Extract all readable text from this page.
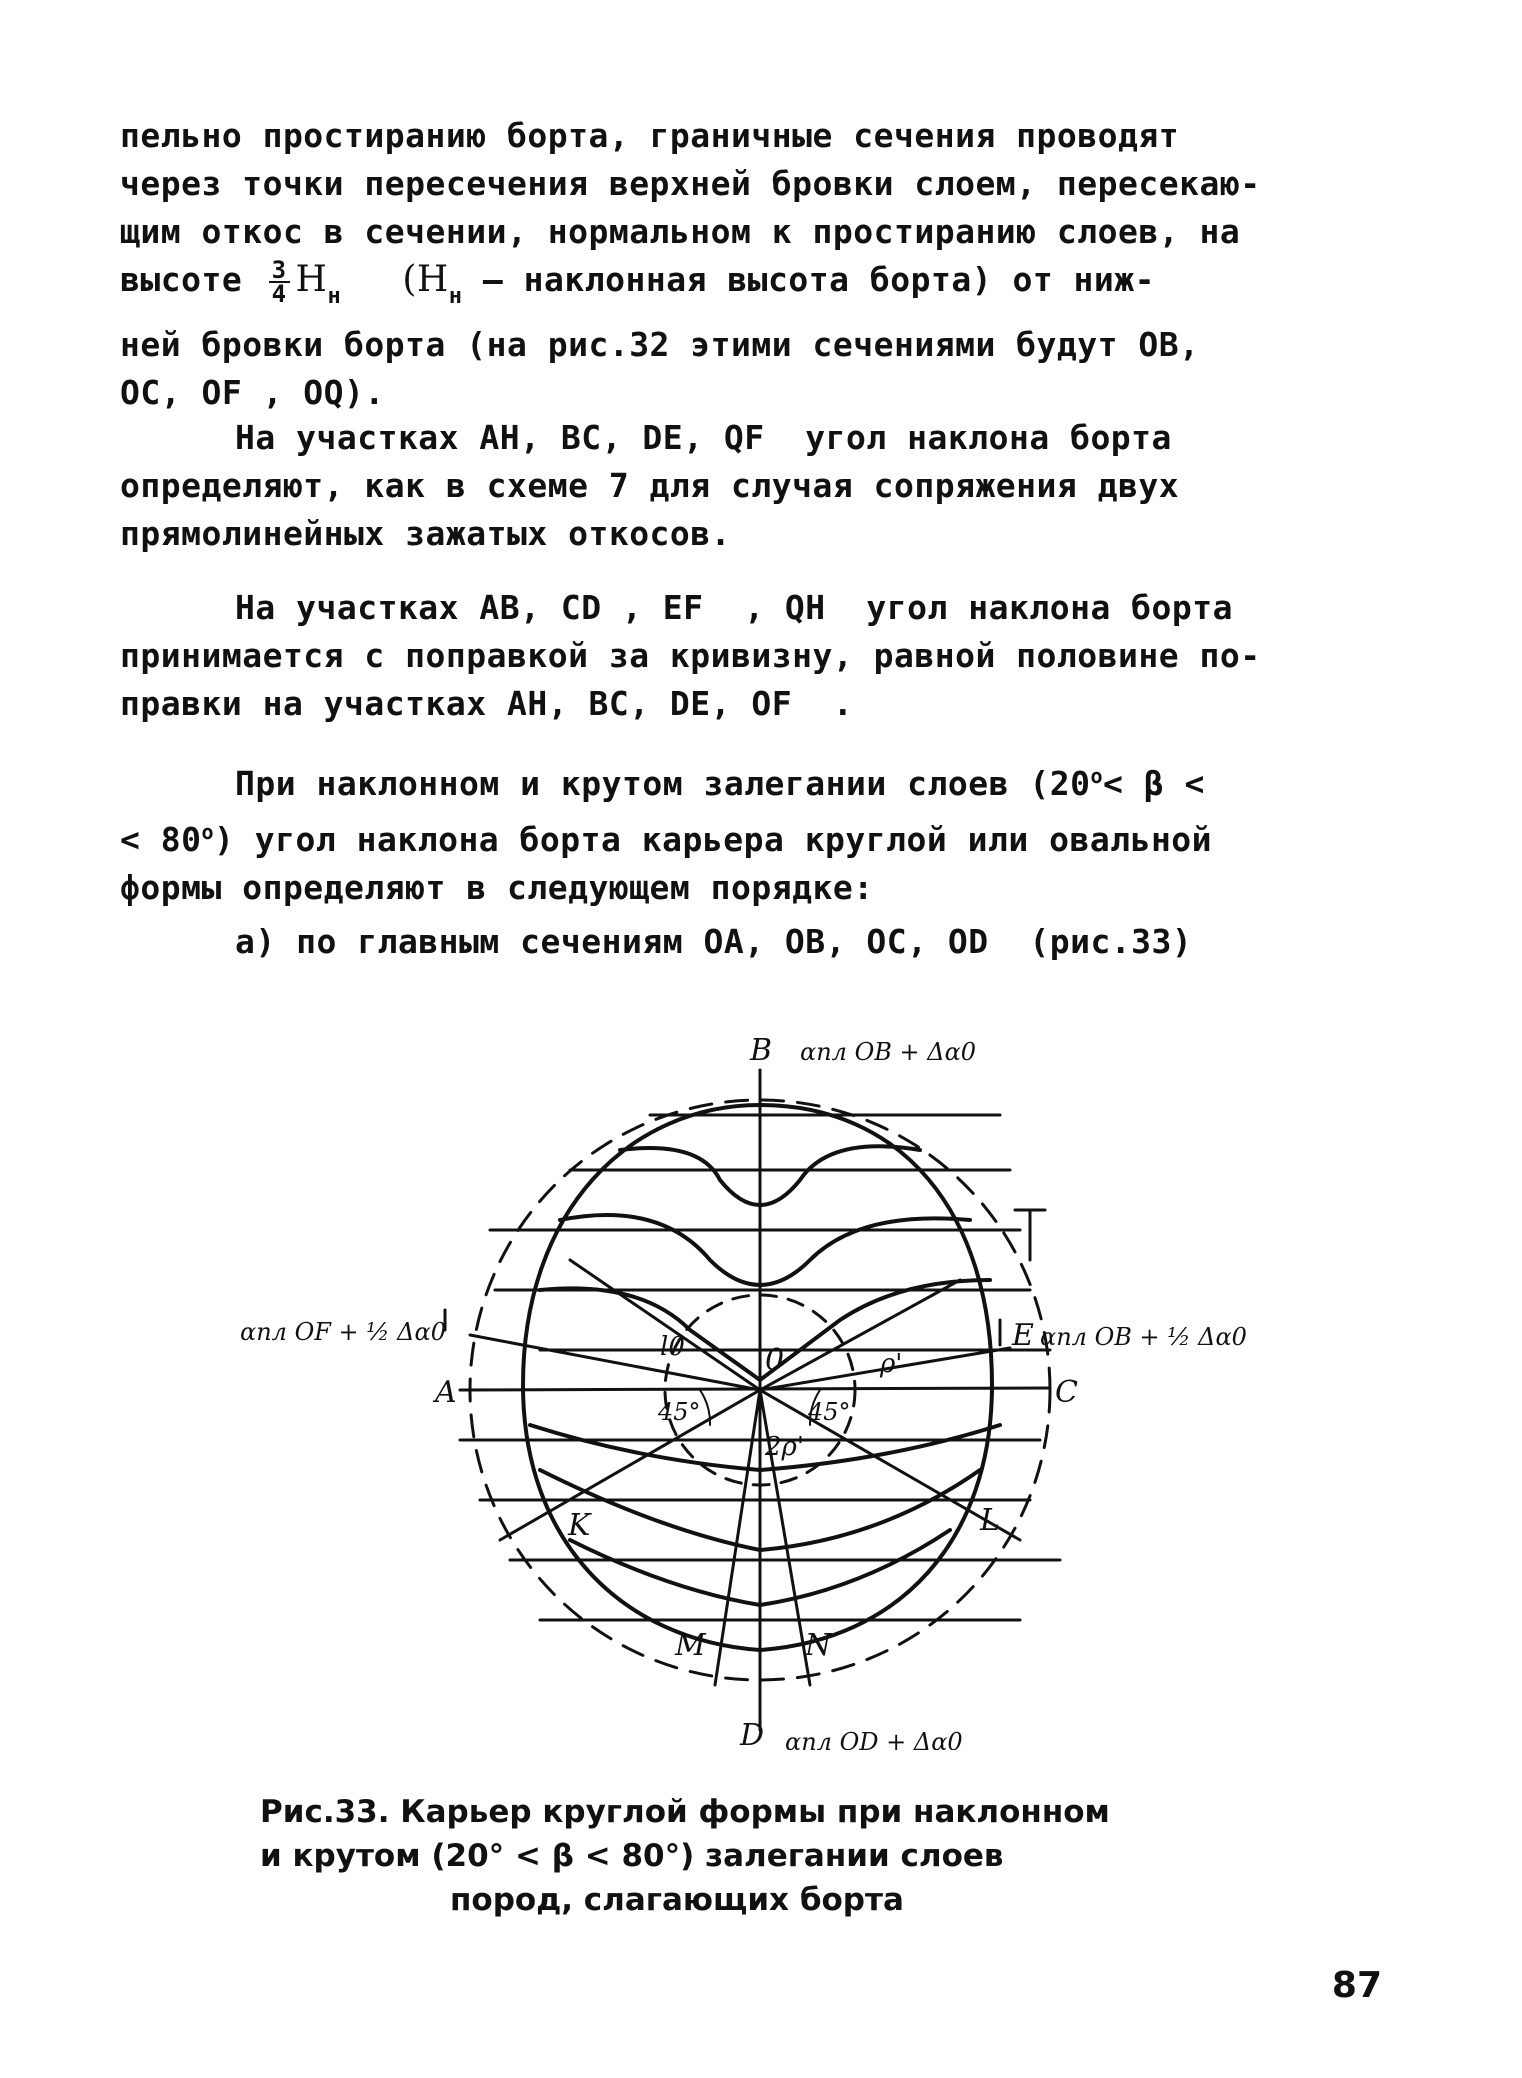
пельно простиранию борта, граничные сечения проводят
через точки пересечения верхней бровки слоем, пересекаю-
щим откос в сечении, нормальном к простиранию слоев, на
высоте $\frac{3}{4} H_н$ ($H_н$ – наклонная высота борта) от ниж-
ней бровки борта (на рис.32 этими сечениями будут OB,
OC, OF , OQ).
На участках AH, BC, DE, QF  угол наклона борта
определяют, как в схеме 7 для случая сопряжения двух
прямолинейных зажатых откосов.
На участках AB, CD , EF  , QH  угол наклона борта
принимается с поправкой за кривизну, равной половине по-
правки на участках AH, BC, DE, OF  .
При наклонном и крутом залегании слоев ($20^о< \beta$ <
< $80^о$) угол наклона борта карьера круглой или овальной
формы определяют в следующем порядке:
а) по главным сечениям OA, OB, OC, OD  (рис.33)
B
D
A	C
E
K	L
M	N
0
l0
45°	45°
ρ'
2ρ'
T
αпл OB + Δα0
αпл OF + ½ Δα0	αпл OB + ½ Δα0
αпл OD + Δα0
Рис.33. Карьер круглой формы при наклонном
и крутом (20° < β < 80°) залегании слоев
пород, слагающих борта
87
